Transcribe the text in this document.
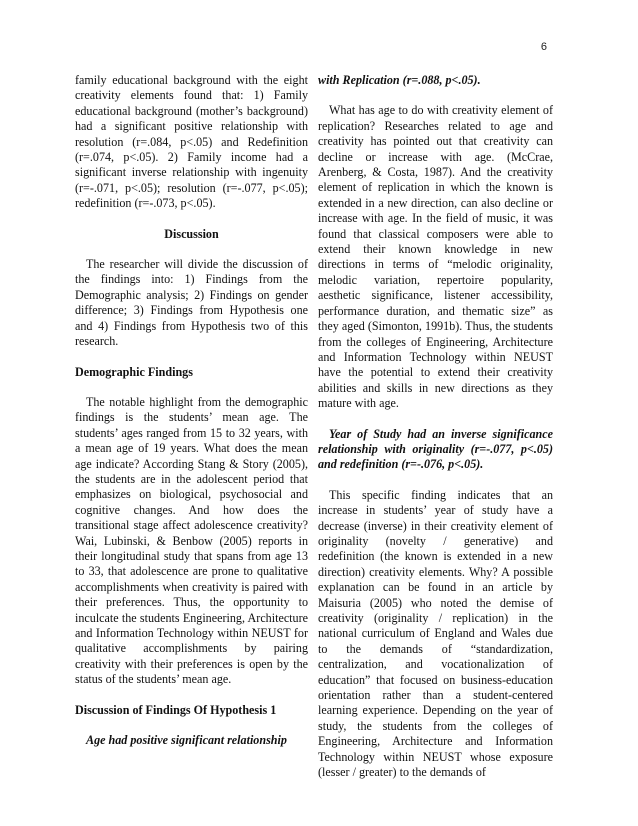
6

family educational background with the eight creativity elements found that: 1) Family educational background (mother’s background) had a significant positive relationship with resolution (r=.084, p<.05) and Redefinition (r=.074, p<.05). 2) Family income had a significant inverse relationship with ingenuity (r=-.071, p<.05); resolution (r=-.077, p<.05); redefinition (r=-.073, p<.05).

Discussion

The researcher will divide the discussion of the findings into: 1) Findings from the Demographic analysis; 2) Findings on gender difference; 3) Findings from Hypothesis one and 4) Findings from Hypothesis two of this research.

Demographic Findings

The notable highlight from the demographic findings is the students’ mean age. The students’ ages ranged from 15 to 32 years, with a mean age of 19 years. What does the mean age indicate? According Stang & Story (2005), the students are in the adolescent period that emphasizes on biological, psychosocial and cognitive changes. And how does the transitional stage affect adolescence creativity? Wai, Lubinski, & Benbow (2005) reports in their longitudinal study that spans from age 13 to 33, that adolescence are prone to qualitative accomplishments when creativity is paired with their preferences. Thus, the opportunity to inculcate the students Engineering, Architecture and Information Technology within NEUST for qualitative accomplishments by pairing creativity with their preferences is open by the status of the students’ mean age.

Discussion of Findings Of Hypothesis 1

Age had positive significant relationship

with Replication (r=.088, p<.05).

What has age to do with creativity element of replication? Researches related to age and creativity has pointed out that creativity can decline or increase with age. (McCrae, Arenberg, & Costa, 1987). And the creativity element of replication in which the known is extended in a new direction, can also decline or increase with age. In the field of music, it was found that classical composers were able to extend their known knowledge in new directions in terms of “melodic originality, melodic variation, repertoire popularity, aesthetic significance, listener accessibility, performance duration, and thematic size” as they aged (Simonton, 1991b). Thus, the students from the colleges of Engineering, Architecture and Information Technology within NEUST have the potential to extend their creativity abilities and skills in new directions as they mature with age.

Year of Study had an inverse significance relationship with originality (r=-.077, p<.05) and redefinition (r=-.076, p<.05).

This specific finding indicates that an increase in students’ year of study have a decrease (inverse) in their creativity element of originality (novelty / generative) and redefinition (the known is extended in a new direction) creativity elements. Why? A possible explanation can be found in an article by Maisuria (2005) who noted the demise of creativity (originality / replication) in the national curriculum of England and Wales due to the demands of “standardization, centralization, and vocationalization of education” that focused on business-education orientation rather than a student-centered learning experience. Depending on the year of study, the students from the colleges of Engineering, Architecture and Information Technology within NEUST whose exposure (lesser / greater) to the demands of
